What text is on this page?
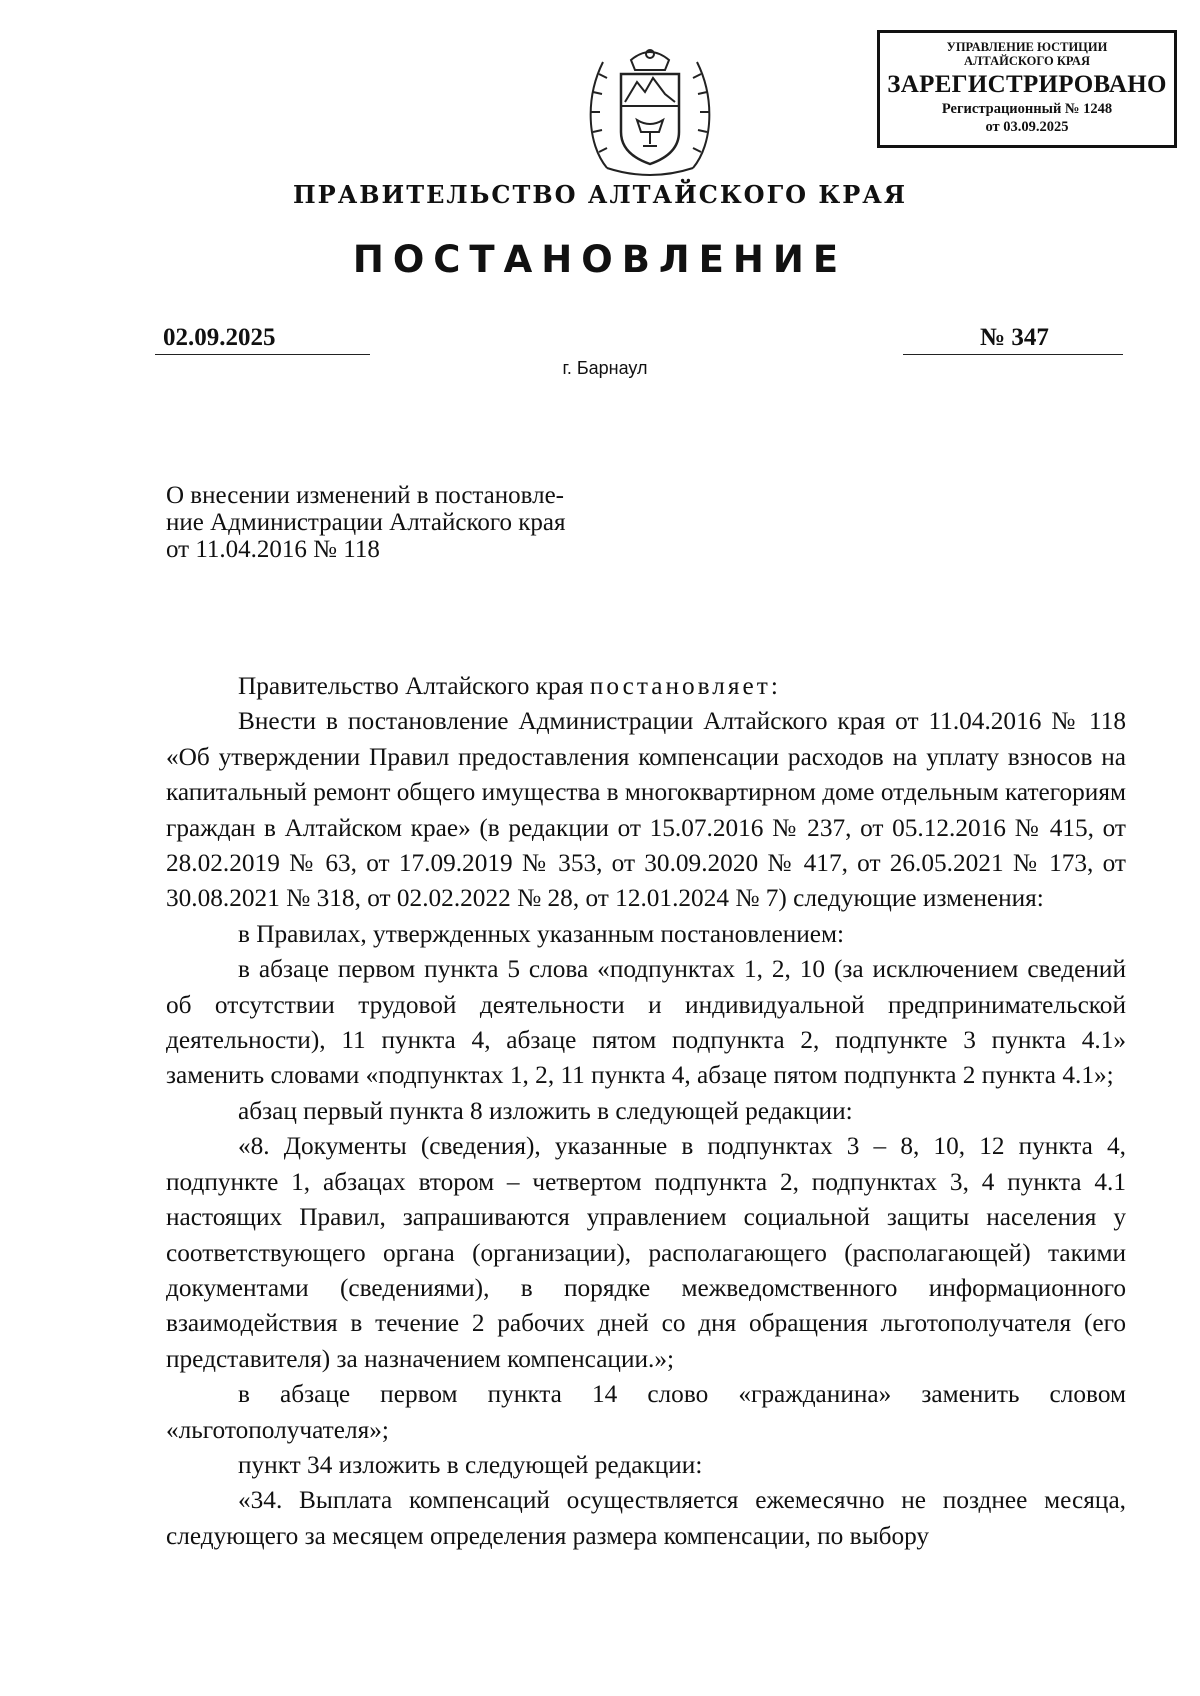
УПРАВЛЕНИЕ ЮСТИЦИИ
АЛТАЙСКОГО КРАЯ
ЗАРЕГИСТРИРОВАНО
Регистрационный № 1248
от 03.09.2025
ПРАВИТЕЛЬСТВО АЛТАЙСКОГО КРАЯ
ПОСТАНОВЛЕНИЕ
02.09.2025	№ 347
г. Барнаул
О внесении изменений в постановле-
ние Администрации Алтайского края
от 11.04.2016 № 118

Правительство Алтайского края постановляет:

Внести в постановление Администрации Алтайского края от 11.04.2016 № 118 «Об утверждении Правил предоставления компенсации расходов на уплату взносов на капитальный ремонт общего имущества в многоквартирном доме отдельным категориям граждан в Алтайском крае» (в редакции от 15.07.2016 № 237, от 05.12.2016 № 415, от 28.02.2019 № 63, от 17.09.2019 № 353, от 30.09.2020 № 417, от 26.05.2021 № 173, от 30.08.2021 № 318, от 02.02.2022 № 28, от 12.01.2024 № 7) следующие изменения:

в Правилах, утвержденных указанным постановлением:

в абзаце первом пункта 5 слова «подпунктах 1, 2, 10 (за исключением сведений об отсутствии трудовой деятельности и индивидуальной предпринимательской деятельности), 11 пункта 4, абзаце пятом подпункта 2, подпункте 3 пункта 4.1» заменить словами «подпунктах 1, 2, 11 пункта 4, абзаце пятом подпункта 2 пункта 4.1»;

абзац первый пункта 8 изложить в следующей редакции:

«8. Документы (сведения), указанные в подпунктах 3 – 8, 10, 12 пункта 4, подпункте 1, абзацах втором – четвертом подпункта 2, подпунктах 3, 4 пункта 4.1 настоящих Правил, запрашиваются управлением социальной защиты населения у соответствующего органа (организации), располагающего (располагающей) такими документами (сведениями), в порядке межведомственного информационного взаимодействия в течение 2 рабочих дней со дня обращения льготополучателя (его представителя) за назначением компенсации.»;

в абзаце первом пункта 14 слово «гражданина» заменить словом «льготополучателя»;

пункт 34 изложить в следующей редакции:

«34. Выплата компенсаций осуществляется ежемесячно не позднее месяца, следующего за месяцем определения размера компенсации, по выбору
